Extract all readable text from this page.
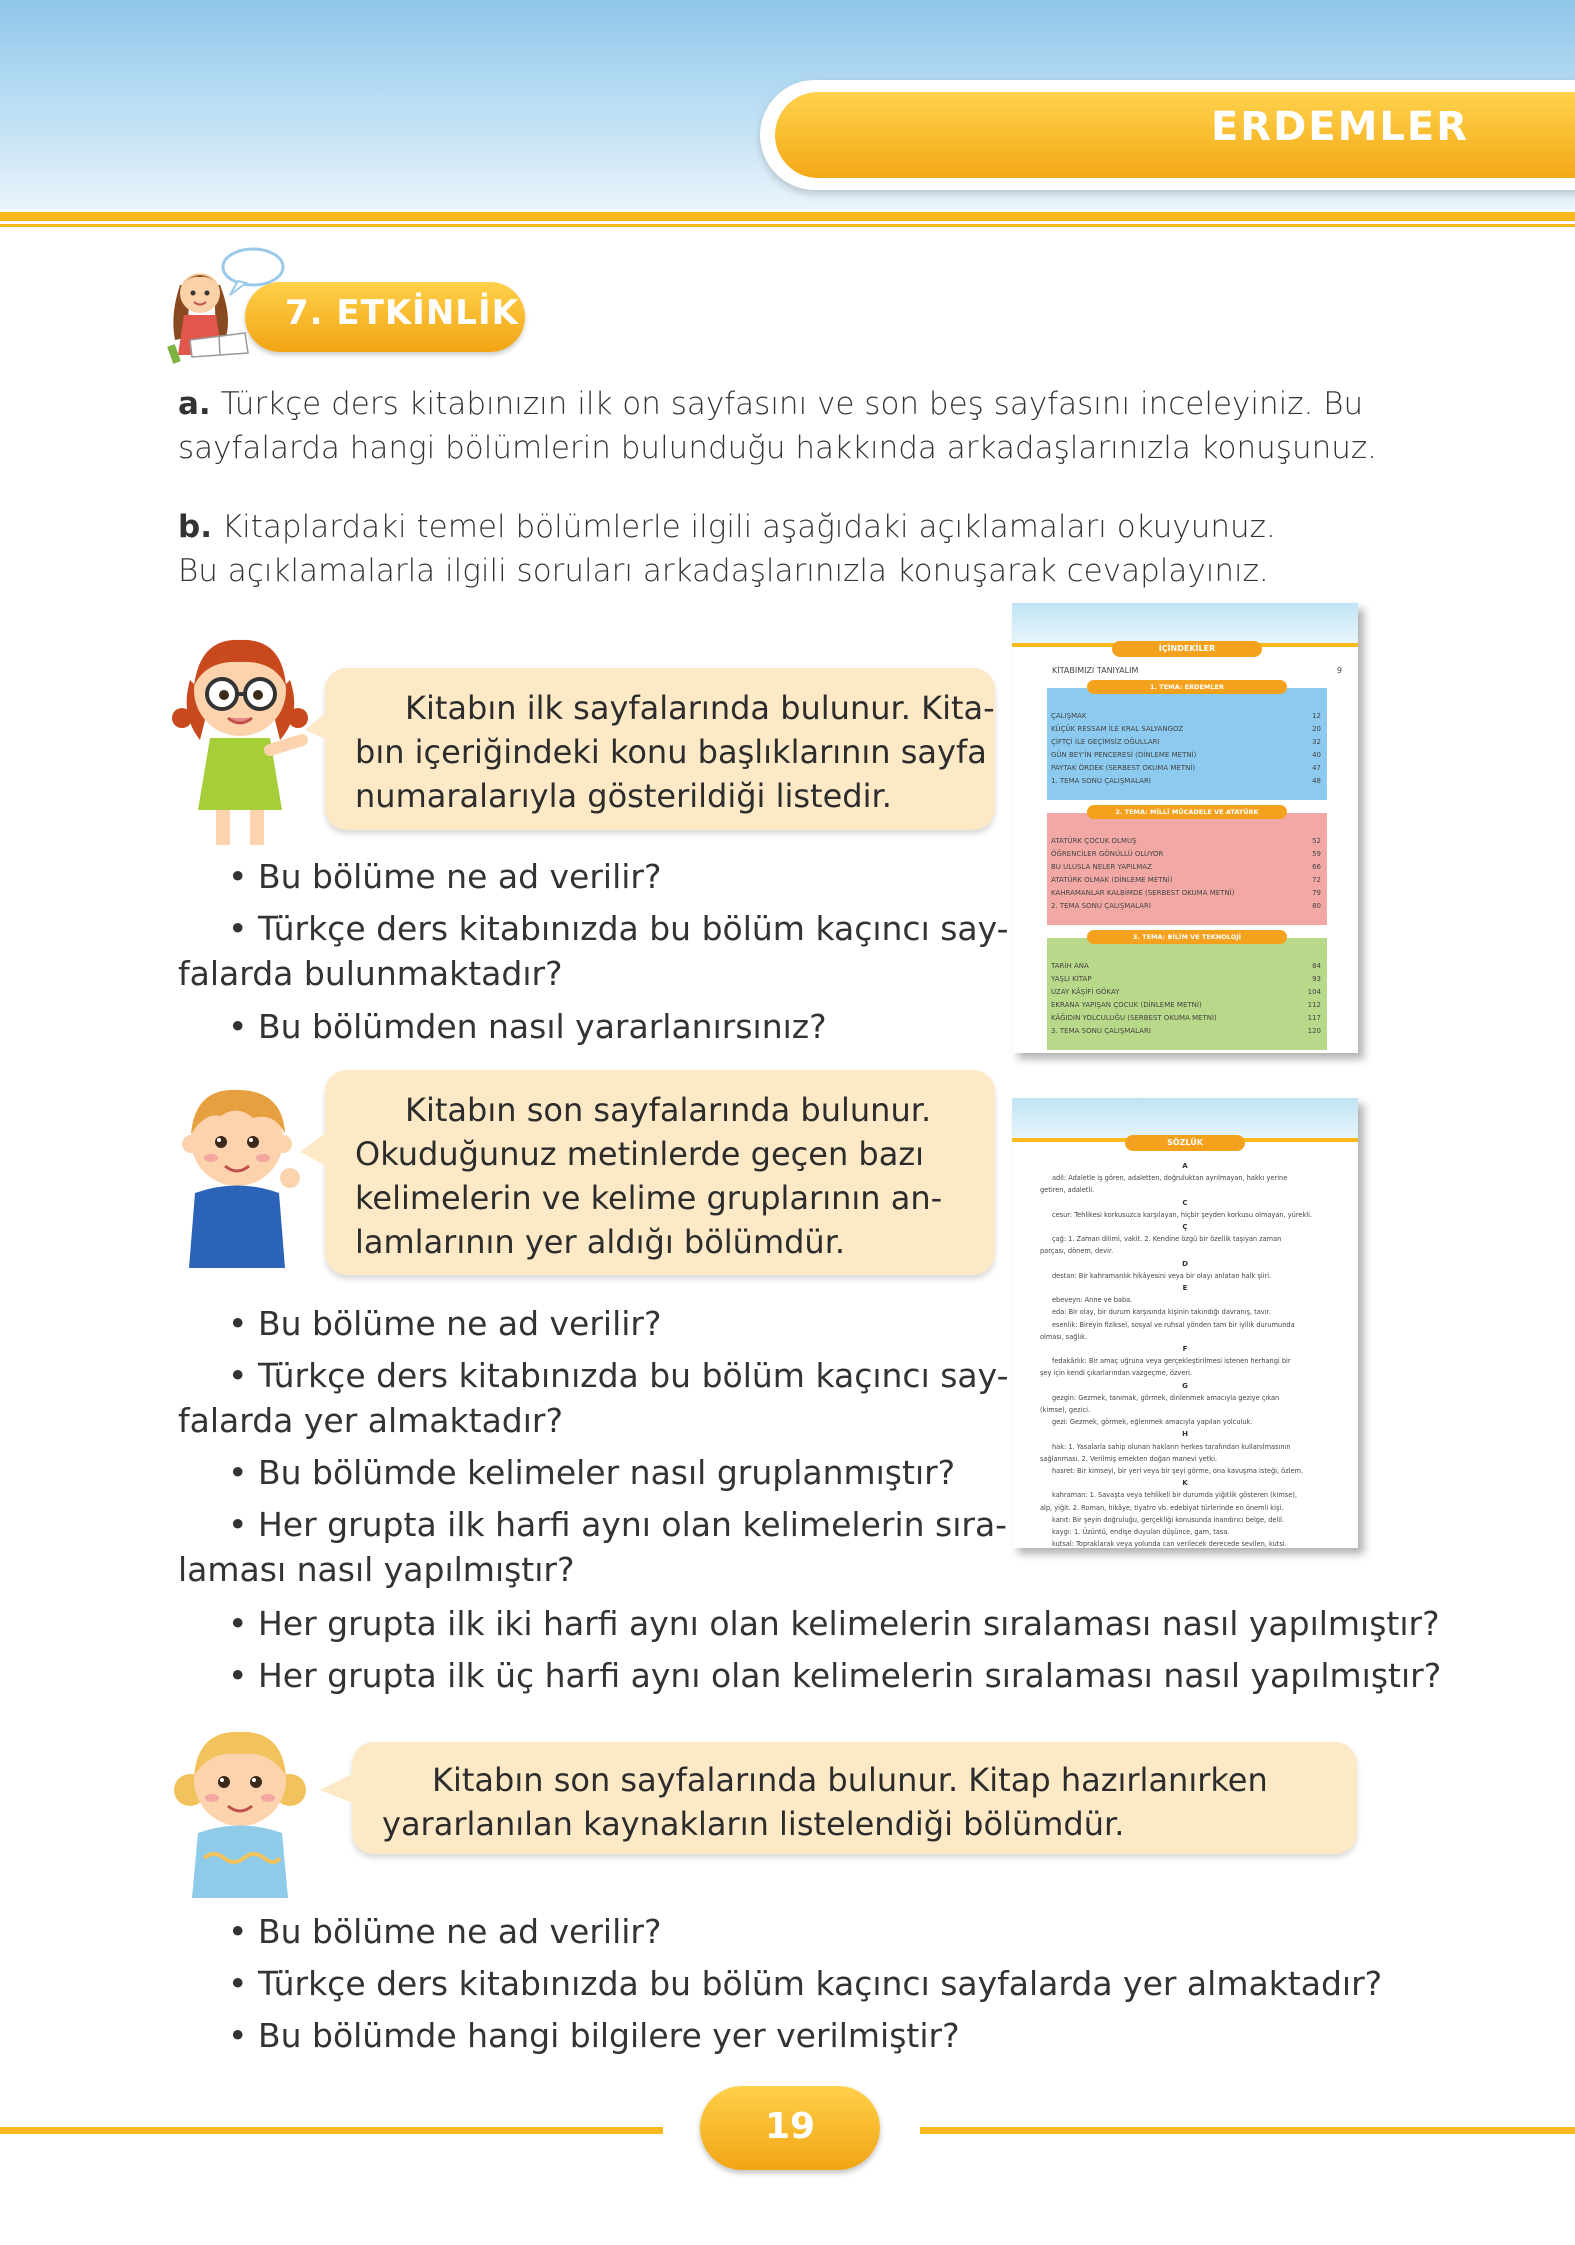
ERDEMLER
7. ETKİNLİK
a. Türkçe ders kitabınızın ilk on sayfasını ve son beş sayfasını inceleyiniz. Bu
sayfalarda hangi bölümlerin bulunduğu hakkında arkadaşlarınızla konuşunuz.
b. Kitaplardaki temel bölümlerle ilgili aşağıdaki açıklamaları okuyunuz.
Bu açıklamalarla ilgili soruları arkadaşlarınızla konuşarak cevaplayınız.
Kitabın ilk sayfalarında bulunur. Kita-
bın içeriğindeki konu başlıklarının sayfa
numaralarıyla gösterildiği listedir.
• Bu bölüme ne ad verilir?
• Türkçe ders kitabınızda bu bölüm kaçıncı say-
falarda bulunmaktadır?
• Bu bölümden nasıl yararlanırsınız?
İÇİNDEKİLER
KİTABIMIZI TANIYALIM	9
1. TEMA: ERDEMLER
ÇALIŞMAK	12
KÜÇÜK RESSAM İLE KRAL SALYANGOZ	20
ÇİFTÇİ İLE GEÇİMSİZ OĞULLARI	32
GÜN BEY'İN PENCERESİ (DİNLEME METNİ)	40
PAYTAK ÖRDEK (SERBEST OKUMA METNİ)	47
1. TEMA SONU ÇALIŞMALARI	48
2. TEMA: MİLLÎ MÜCADELE VE ATATÜRK
ATATÜRK ÇOCUK OLMUŞ	52
ÖĞRENCİLER GÖNÜLLÜ OLUYOR	59
BU ULUSLA NELER YAPILMAZ	66
ATATÜRK OLMAK (DİNLEME METNİ)	72
KAHRAMANLAR KALBİMDE (SERBEST OKUMA METNİ)	79
2. TEMA SONU ÇALIŞMALARI	80
3. TEMA: BİLİM VE TEKNOLOJİ
TARİH ANA	84
YAŞLI KİTAP	93
UZAY KÂŞİFİ GÖKAY	104
EKRANA YAPIŞAN ÇOCUK (DİNLEME METNİ)	112
KÂĞIDIN YOLCULUĞU (SERBEST OKUMA METNİ)	117
3. TEMA SONU ÇALIŞMALARI	120
Kitabın son sayfalarında bulunur.
Okuduğunuz metinlerde geçen bazı
kelimelerin ve kelime gruplarının an-
lamlarının yer aldığı bölümdür.
• Bu bölüme ne ad verilir?
• Türkçe ders kitabınızda bu bölüm kaçıncı say-
falarda yer almaktadır?
• Bu bölümde kelimeler nasıl gruplanmıştır?
• Her grupta ilk harfi aynı olan kelimelerin sıra-
laması nasıl yapılmıştır?
• Her grupta ilk iki harfi aynı olan kelimelerin sıralaması nasıl yapılmıştır?
• Her grupta ilk üç harfi aynı olan kelimelerin sıralaması nasıl yapılmıştır?
SÖZLÜK
A
adil: Adaletle iş gören, adaletten, doğruluktan ayrılmayan, hakkı yerine
getiren, adaletli.
C
cesur: Tehlikesi korkusuzca karşılayan, hiçbir şeyden korkusu olmayan, yürekli.
Ç
çağ: 1. Zaman dilimi, vakit. 2. Kendine özgü bir özellik taşıyan zaman
parçası, dönem, devir.
D
destan: Bir kahramanlık hikâyesini veya bir olayı anlatan halk şiiri.
E
ebeveyn: Anne ve baba.
eda: Bir olay, bir durum karşısında kişinin takındığı davranış, tavır.
esenlik: Bireyin fiziksel, sosyal ve ruhsal yönden tam bir iyilik durumunda
olması, sağlık.
F
fedakârlık: Bir amaç uğruna veya gerçekleştirilmesi istenen herhangi bir
şey için kendi çıkarlarından vazgeçme, özveri.
G
gezgin: Gezmek, tanımak, görmek, dinlenmek amacıyla geziye çıkan
(kimse), gezici.
gezi: Gezmek, görmek, eğlenmek amacıyla yapılan yolculuk.
H
hak: 1. Yasalarla sahip olunan hakların herkes tarafından kullanılmasının
sağlanması. 2. Verilmiş emekten doğan manevi yetki.
hasret: Bir kimseyi, bir yeri veya bir şeyi görme, ona kavuşma isteği, özlem.
K
kahraman: 1. Savaşta veya tehlikeli bir durumda yiğitlik gösteren (kimse),
alp, yiğit. 2. Roman, hikâye, tiyatro vb. edebiyat türlerinde en önemli kişi.
kanıt: Bir şeyin doğruluğu, gerçekliği konusunda inandırıcı belge, delil.
kaygı: 1. Üzüntü, endişe duyulan düşünce, gam, tasa.
kutsal: Topraklarak veya yolunda can verilecek derecede sevilen, kutsi.
Kitabın son sayfalarında bulunur. Kitap hazırlanırken
yararlanılan kaynakların listelendiği bölümdür.
• Bu bölüme ne ad verilir?
• Türkçe ders kitabınızda bu bölüm kaçıncı sayfalarda yer almaktadır?
• Bu bölümde hangi bilgilere yer verilmiştir?
19
